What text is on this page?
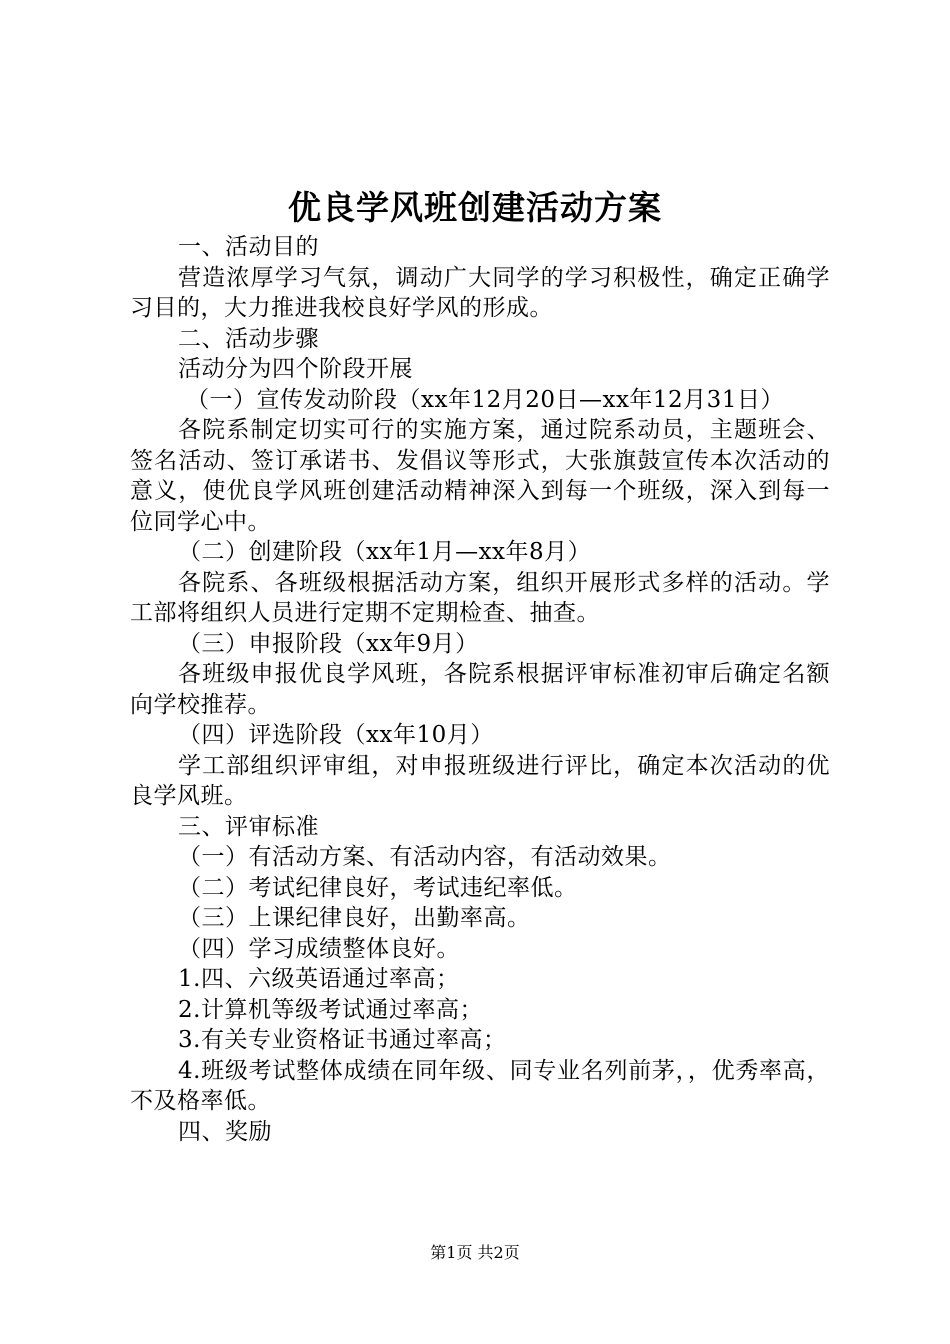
优良学风班创建活动方案

一、活动目的

营造浓厚学习气氛，调动广大同学的学习积极性，确定正确学习目的，大力推进我校良好学风的形成。

二、活动步骤

活动分为四个阶段开展

（一）宣传发动阶段（xx年12月20日—xx年12月31日）

各院系制定切实可行的实施方案，通过院系动员，主题班会、签名活动、签订承诺书、发倡议等形式，大张旗鼓宣传本次活动的意义，使优良学风班创建活动精神深入到每一个班级，深入到每一位同学心中。

（二）创建阶段（xx年1月—xx年8月）

各院系、各班级根据活动方案，组织开展形式多样的活动。学工部将组织人员进行定期不定期检查、抽查。

（三）申报阶段（xx年9月）

各班级申报优良学风班，各院系根据评审标准初审后确定名额向学校推荐。

（四）评选阶段（xx年10月）

学工部组织评审组，对申报班级进行评比，确定本次活动的优良学风班。

三、评审标准

（一）有活动方案、有活动内容，有活动效果。

（二）考试纪律良好，考试违纪率低。

（三）上课纪律良好，出勤率高。

（四）学习成绩整体良好。

1.四、六级英语通过率高；

2.计算机等级考试通过率高；

3.有关专业资格证书通过率高；

4.班级考试整体成绩在同年级、同专业名列前茅，，优秀率高，不及格率低。

四、奖励

第1页 共2页
